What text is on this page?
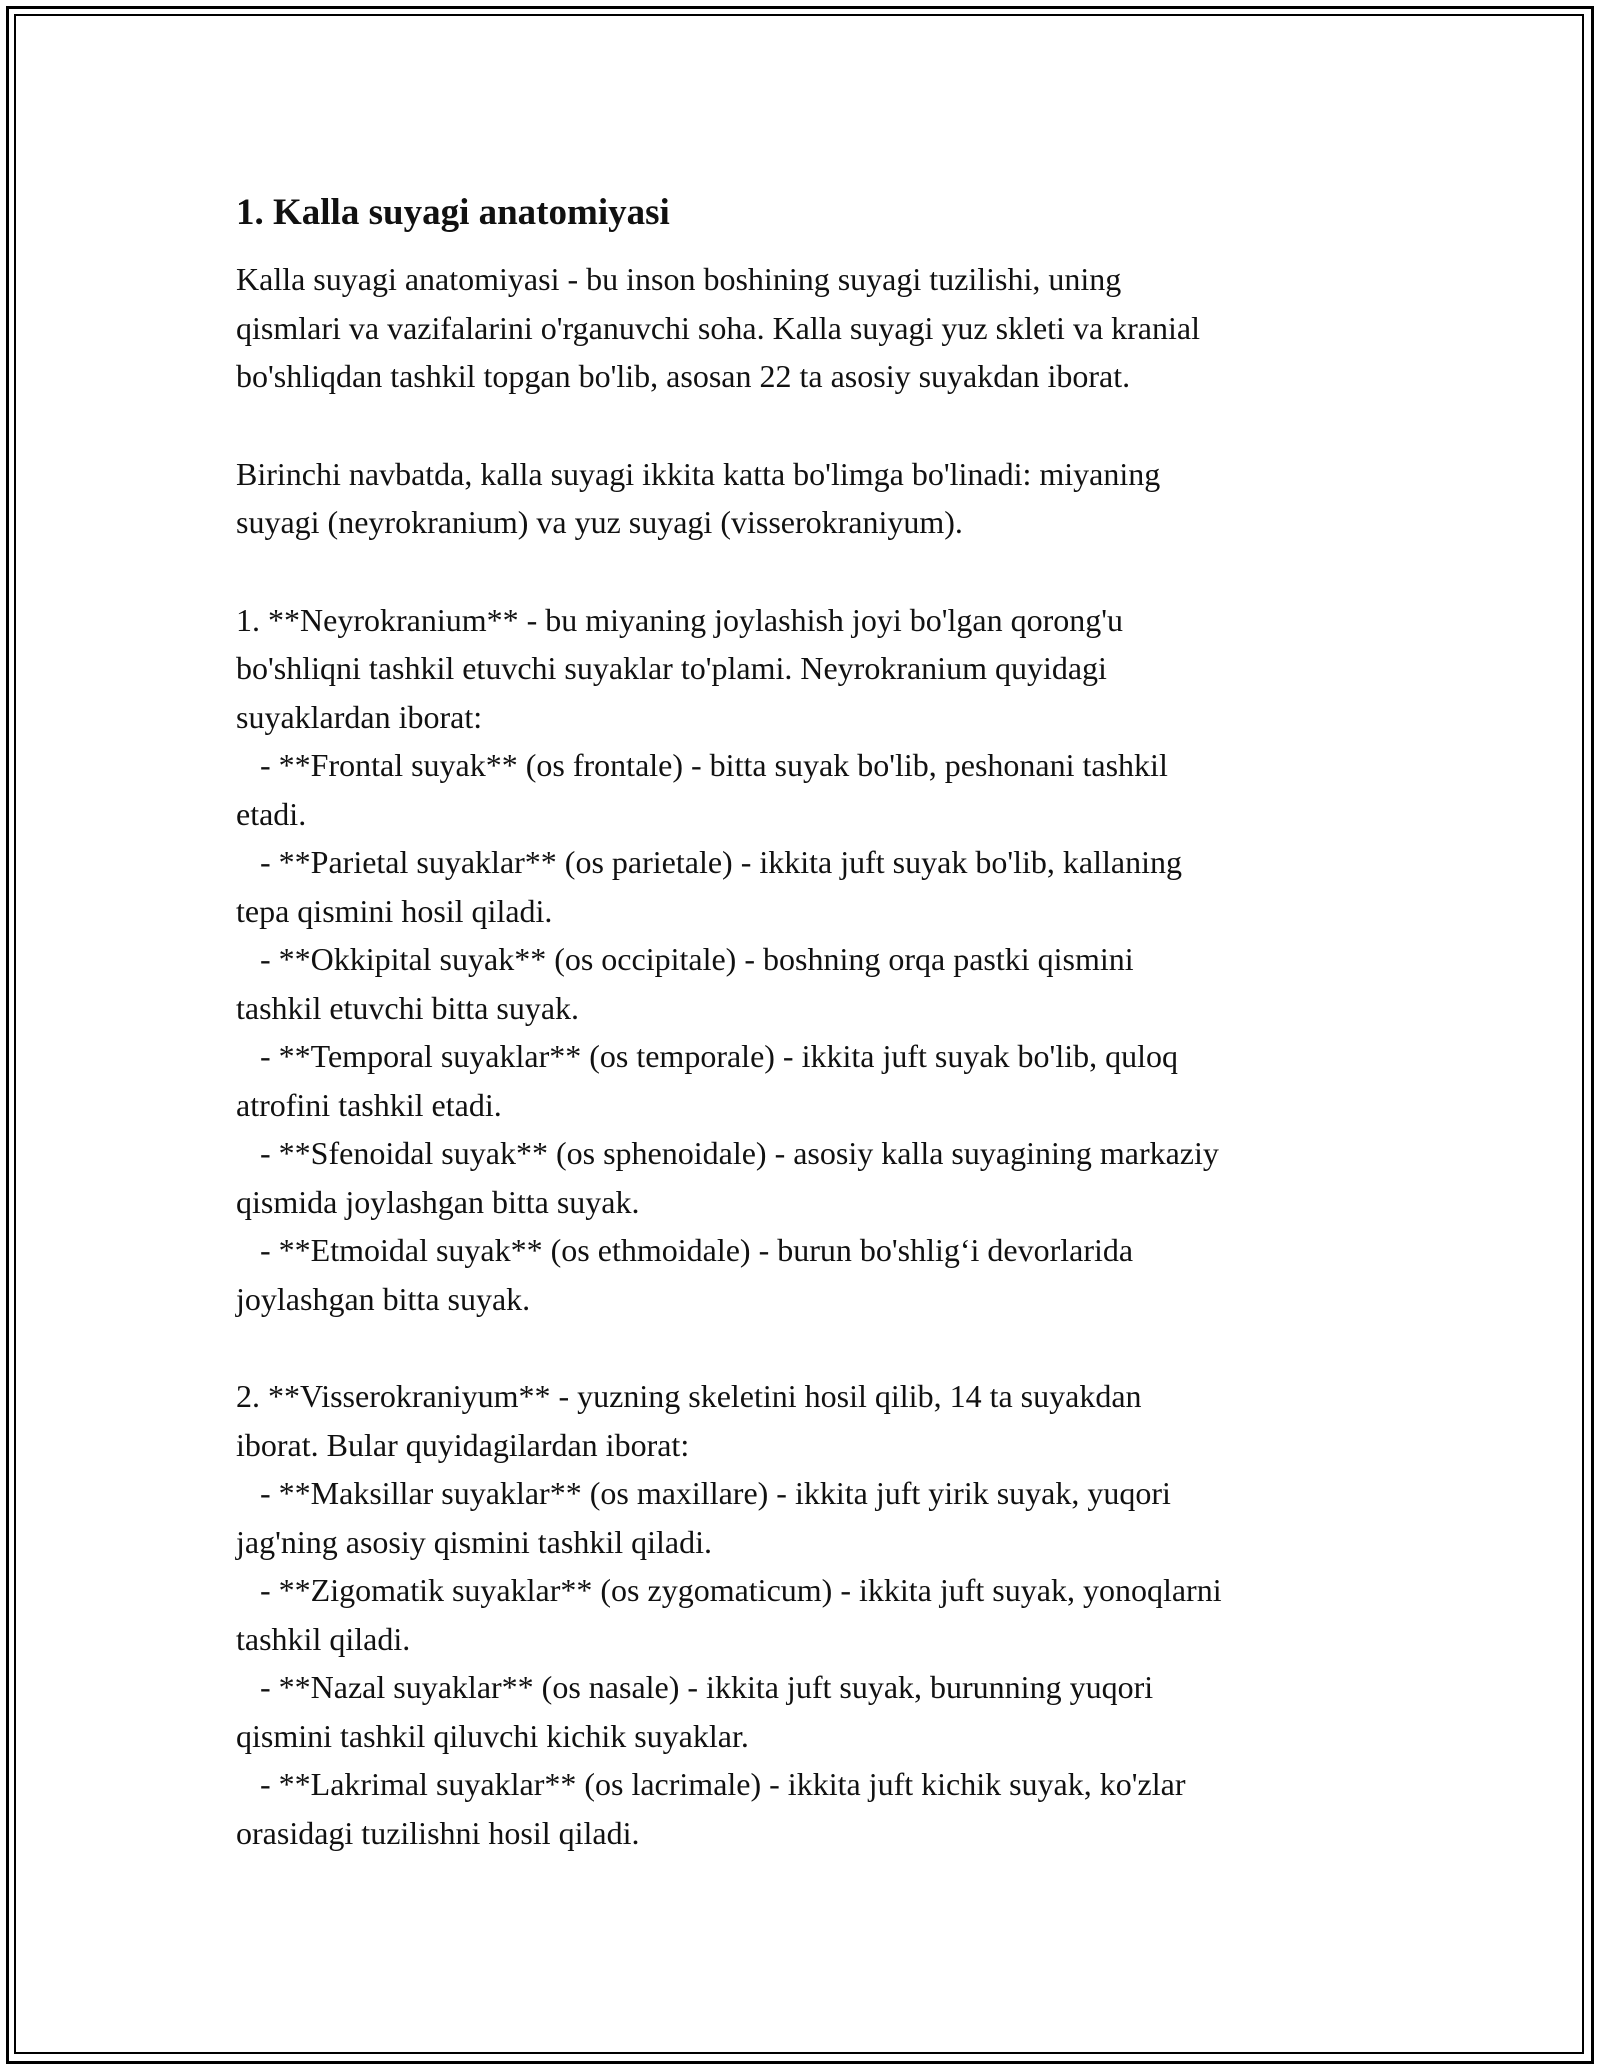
1. Kalla suyagi anatomiyasi
Kalla suyagi anatomiyasi - bu inson boshining suyagi tuzilishi, uning
qismlari va vazifalarini o'rganuvchi soha. Kalla suyagi yuz skleti va kranial
bo'shliqdan tashkil topgan bo'lib, asosan 22 ta asosiy suyakdan iborat.
Birinchi navbatda, kalla suyagi ikkita katta bo'limga bo'linadi: miyaning
suyagi (neyrokranium) va yuz suyagi (visserokraniyum).
1. **Neyrokranium** - bu miyaning joylashish joyi bo'lgan qorong'u
bo'shliqni tashkil etuvchi suyaklar to'plami. Neyrokranium quyidagi
suyaklardan iborat:
- **Frontal suyak** (os frontale) - bitta suyak bo'lib, peshonani tashkil
etadi.
- **Parietal suyaklar** (os parietale) - ikkita juft suyak bo'lib, kallaning
tepa qismini hosil qiladi.
- **Okkipital suyak** (os occipitale) - boshning orqa pastki qismini
tashkil etuvchi bitta suyak.
- **Temporal suyaklar** (os temporale) - ikkita juft suyak bo'lib, quloq
atrofini tashkil etadi.
- **Sfenoidal suyak** (os sphenoidale) - asosiy kalla suyagining markaziy
qismida joylashgan bitta suyak.
- **Etmoidal suyak** (os ethmoidale) - burun bo'shlig‘i devorlarida
joylashgan bitta suyak.
2. **Visserokraniyum** - yuzning skeletini hosil qilib, 14 ta suyakdan
iborat. Bular quyidagilardan iborat:
- **Maksillar suyaklar** (os maxillare) - ikkita juft yirik suyak, yuqori
jag'ning asosiy qismini tashkil qiladi.
- **Zigomatik suyaklar** (os zygomaticum) - ikkita juft suyak, yonoqlarni
tashkil qiladi.
- **Nazal suyaklar** (os nasale) - ikkita juft suyak, burunning yuqori
qismini tashkil qiluvchi kichik suyaklar.
- **Lakrimal suyaklar** (os lacrimale) - ikkita juft kichik suyak, ko'zlar
orasidagi tuzilishni hosil qiladi.
